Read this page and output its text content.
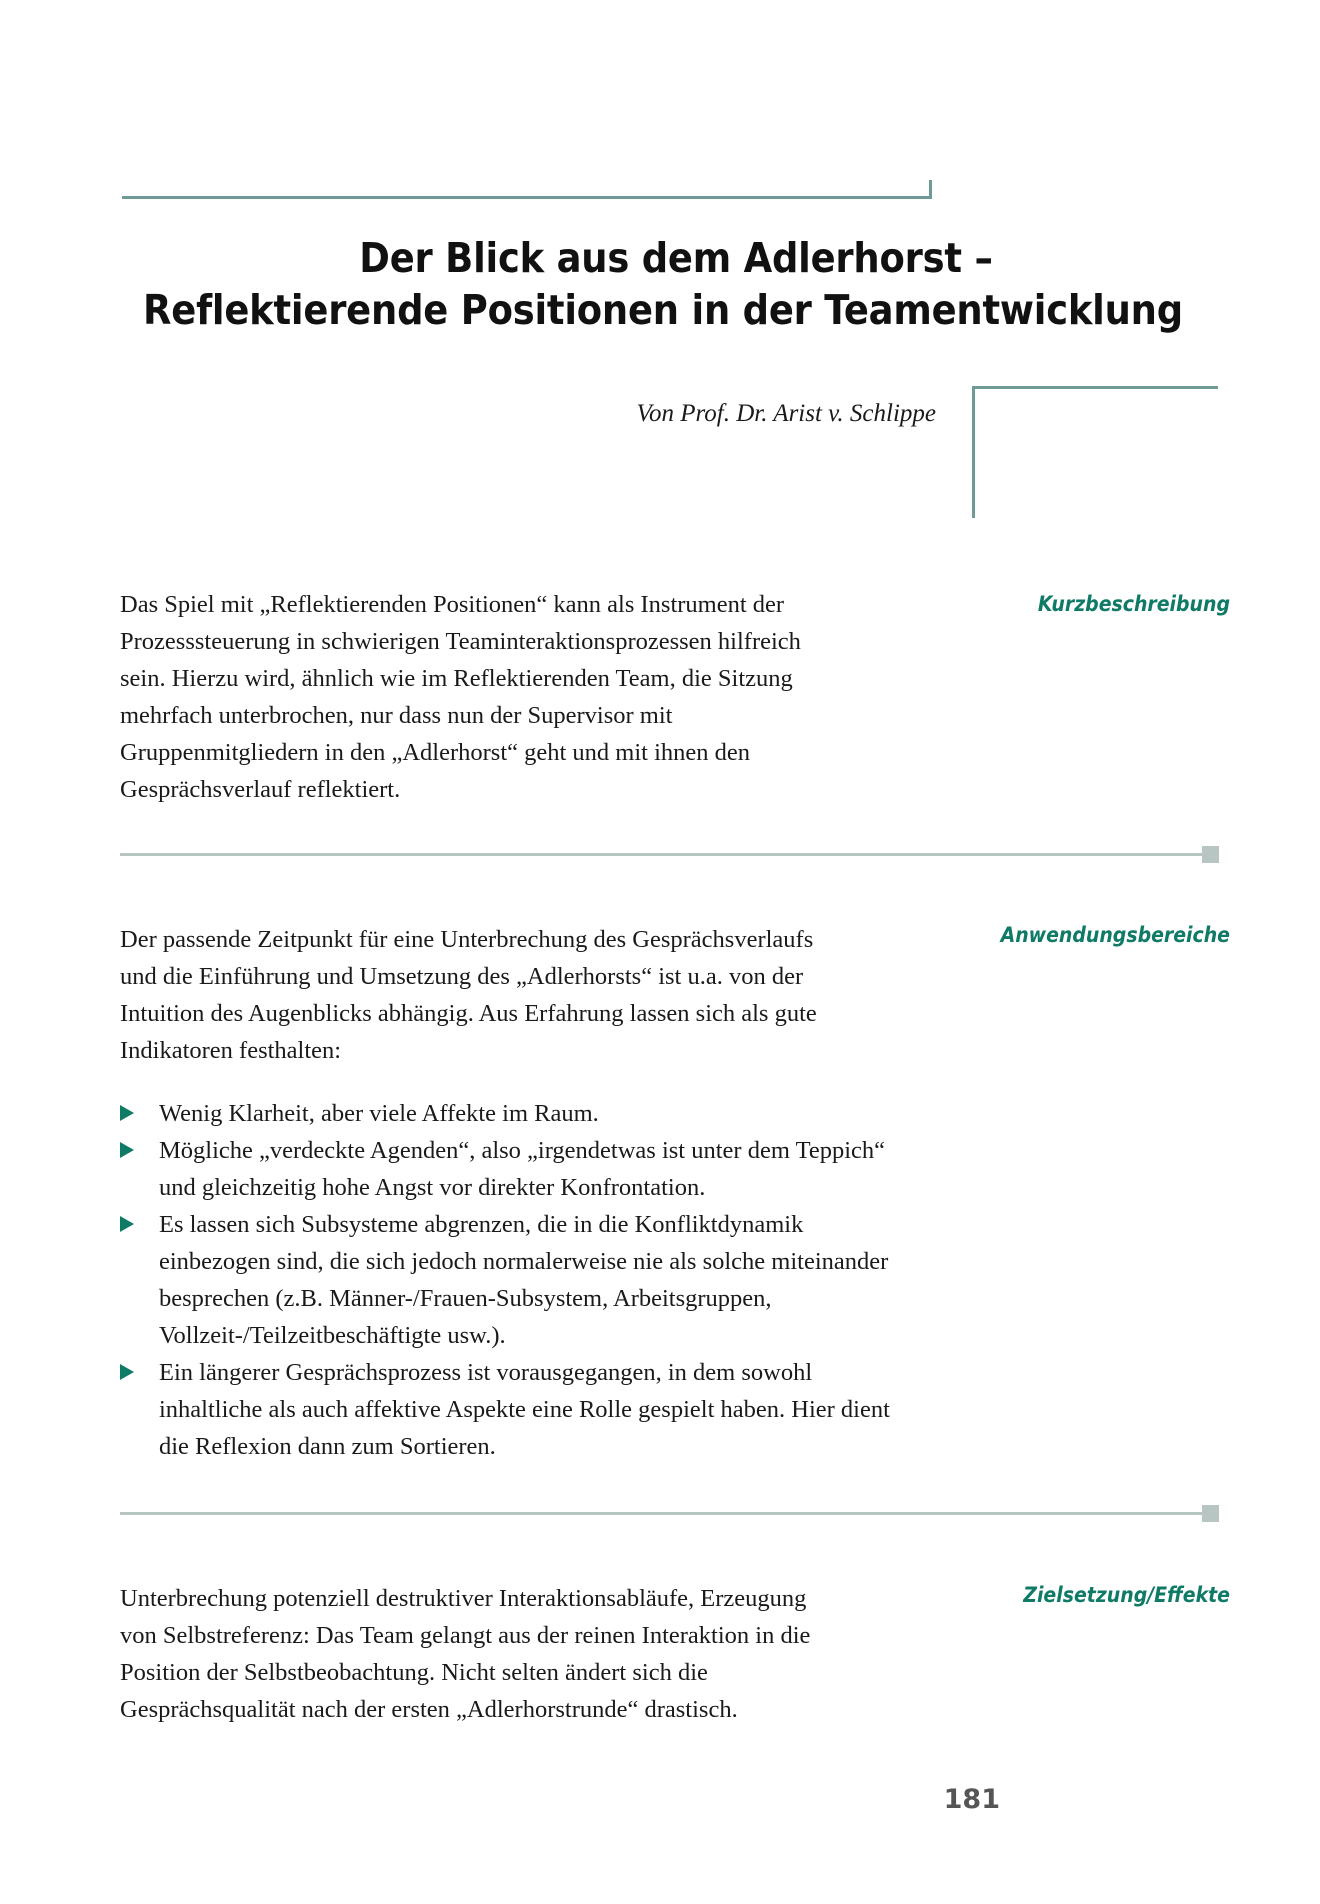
Der Blick aus dem Adlerhorst –
Reflektierende Positionen in der Teamentwicklung
Von Prof. Dr. Arist v. Schlippe
Das Spiel mit „Reflektierenden Positionen“ kann als Instrument der Prozesssteuerung in schwierigen Teaminteraktionsprozessen hilfreich sein. Hierzu wird, ähnlich wie im Reflektierenden Team, die Sitzung mehrfach unterbrochen, nur dass nun der Supervisor mit Gruppenmitgliedern in den „Adlerhorst“ geht und mit ihnen den Gesprächsverlauf reflektiert.
Kurzbeschreibung
Der passende Zeitpunkt für eine Unterbrechung des Gesprächsverlaufs und die Einführung und Umsetzung des „Adlerhorsts“ ist u.a. von der Intuition des Augenblicks abhängig. Aus Erfahrung lassen sich als gute Indikatoren festhalten:
Anwendungsbereiche
Wenig Klarheit, aber viele Affekte im Raum.
Mögliche „verdeckte Agenden“, also „irgendetwas ist unter dem Teppich“ und gleichzeitig hohe Angst vor direkter Konfrontation.
Es lassen sich Subsysteme abgrenzen, die in die Konfliktdynamik einbezogen sind, die sich jedoch normalerweise nie als solche miteinander besprechen (z.B. Männer-/Frauen-Subsystem, Arbeitsgruppen, Vollzeit-/Teilzeitbeschäftigte usw.).
Ein längerer Gesprächsprozess ist vorausgegangen, in dem sowohl inhaltliche als auch affektive Aspekte eine Rolle gespielt haben. Hier dient die Reflexion dann zum Sortieren.
Unterbrechung potenziell destruktiver Interaktionsabläufe, Erzeugung von Selbstreferenz: Das Team gelangt aus der reinen Interaktion in die Position der Selbstbeobachtung. Nicht selten ändert sich die Gesprächsqualität nach der ersten „Adlerhorstrunde“ drastisch.
Zielsetzung/Effekte
181
